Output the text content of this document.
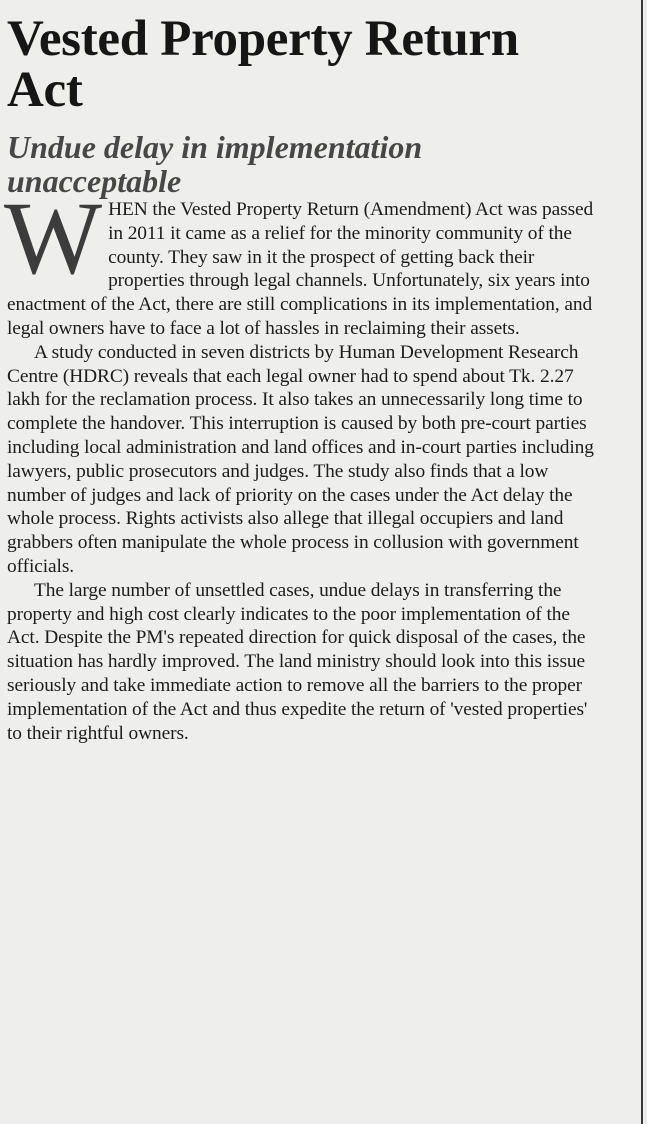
Vested Property Return Act
Undue delay in implementation unacceptable

WHEN the Vested Property Return (Amendment) Act was passed in 2011 it came as a relief for the minority community of the county. They saw in it the prospect of getting back their properties through legal channels. Unfortunately, six years into enactment of the Act, there are still complications in its implementation, and legal owners have to face a lot of hassles in reclaiming their assets.

A study conducted in seven districts by Human Development Research Centre (HDRC) reveals that each legal owner had to spend about Tk. 2.27 lakh for the reclamation process. It also takes an unnecessarily long time to complete the handover. This interruption is caused by both pre-court parties including local administration and land offices and in-court parties including lawyers, public prosecutors and judges. The study also finds that a low number of judges and lack of priority on the cases under the Act delay the whole process. Rights activists also allege that illegal occupiers and land grabbers often manipulate the whole process in collusion with government officials.

The large number of unsettled cases, undue delays in transferring the property and high cost clearly indicates to the poor implementation of the Act. Despite the PM's repeated direction for quick disposal of the cases, the situation has hardly improved. The land ministry should look into this issue seriously and take immediate action to remove all the barriers to the proper implementation of the Act and thus expedite the return of 'vested properties' to their rightful owners.
